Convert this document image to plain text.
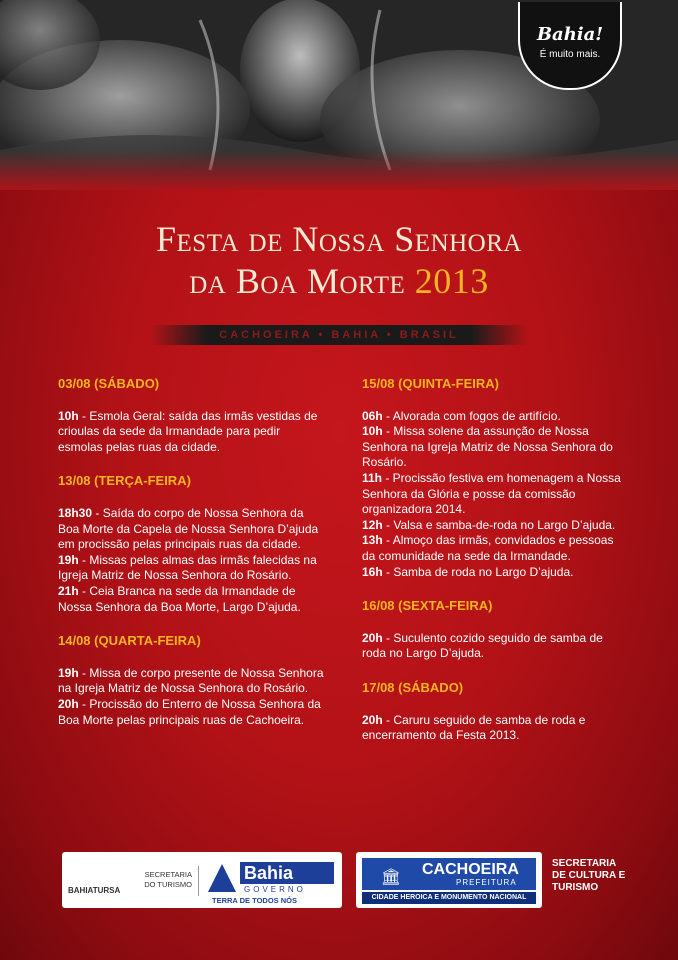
Bahia!
É muito mais.
Festa de Nossa Senhora
da Boa Morte 2013
CACHOEIRA • BAHIA • BRASIL

03/08 (SÁBADO)

10h - Esmola Geral: saída das irmãs vestidas de crioulas da sede da Irmandade para pedir esmolas pelas ruas da cidade.

13/08 (TERÇA-FEIRA)

18h30 - Saída do corpo de Nossa Senhora da Boa Morte da Capela de Nossa Senhora D’ajuda em procissão pelas principais ruas da cidade.

19h - Missas pelas almas das irmãs falecidas na Igreja Matriz de Nossa Senhora do Rosário.

21h - Ceia Branca na sede da Irmandade de Nossa Senhora da Boa Morte, Largo D’ajuda.

14/08 (QUARTA-FEIRA)

19h - Missa de corpo presente de Nossa Senhora na Igreja Matriz de Nossa Senhora do Rosário.

20h - Procissão do Enterro de Nossa Senhora da Boa Morte pelas principais ruas de Cachoeira.

15/08 (QUINTA-FEIRA)

06h - Alvorada com fogos de artifício.

10h - Missa solene da assunção de Nossa Senhora na Igreja Matriz de Nossa Senhora do Rosário.

11h - Procissão festiva em homenagem a Nossa Senhora da Glória e posse da comissão organizadora 2014.

12h - Valsa e samba-de-roda no Largo D’ajuda.

13h - Almoço das irmãs, convidados e pessoas da comunidade na sede da Irmandade.

16h - Samba de roda no Largo D’ajuda.

16/08 (SEXTA-FEIRA)

20h - Suculento cozido seguido de samba de roda no Largo D’ajuda.

17/08 (SÁBADO)

20h - Caruru seguido de samba de roda e encerramento da Festa 2013.

BAHIATURSA
SECRETARIA DO TURISMO
Bahia
GOVERNO
TERRA DE TODOS NÓS
🏛	CACHOEIRA
PREFEITURA
CIDADE HEROICA E MONUMENTO NACIONAL
SECRETARIA DE CULTURA E TURISMO
